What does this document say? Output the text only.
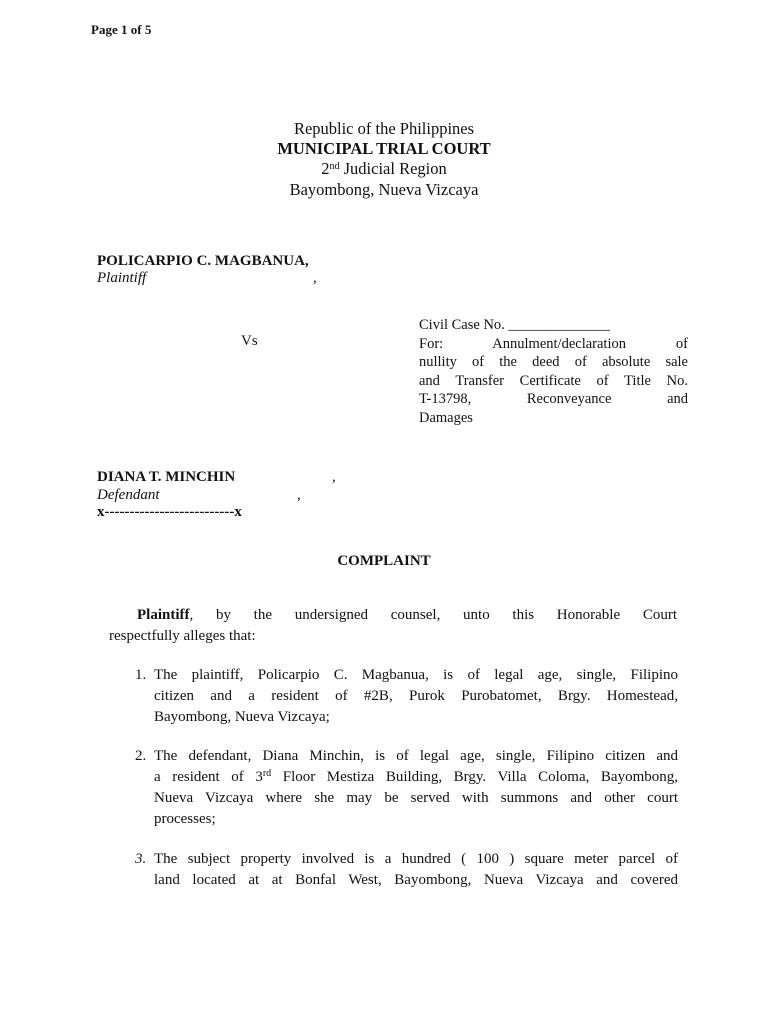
Page 1 of 5
Republic of the Philippines
MUNICIPAL TRIAL COURT
2nd Judicial Region
Bayombong, Nueva Vizcaya
POLICARPIO C. MAGBANUA,
Plaintiff	,
Vs
Civil Case No. ______________
For: Annulment/declaration of
nullity of the deed of absolute sale
and Transfer Certificate of Title No.
T-13798, Reconveyance and
Damages
DIANA T. MINCHIN	,
Defendant	,
x--------------------------x
COMPLAINT
Plaintiff, by the undersigned counsel, unto this Honorable Court
respectfully alleges that:
1. The plaintiff, Policarpio C. Magbanua, is of legal age, single, Filipino
citizen and a resident of #2B, Purok Purobatomet, Brgy. Homestead,
Bayombong, Nueva Vizcaya;
2. The defendant, Diana Minchin, is of legal age, single, Filipino citizen and
a resident of 3rd Floor Mestiza Building, Brgy. Villa Coloma, Bayombong,
Nueva Vizcaya where she may be served with summons and other court
processes;
3. The subject property involved is a hundred ( 100 ) square meter parcel of
land located at at Bonfal West, Bayombong, Nueva Vizcaya and covered
